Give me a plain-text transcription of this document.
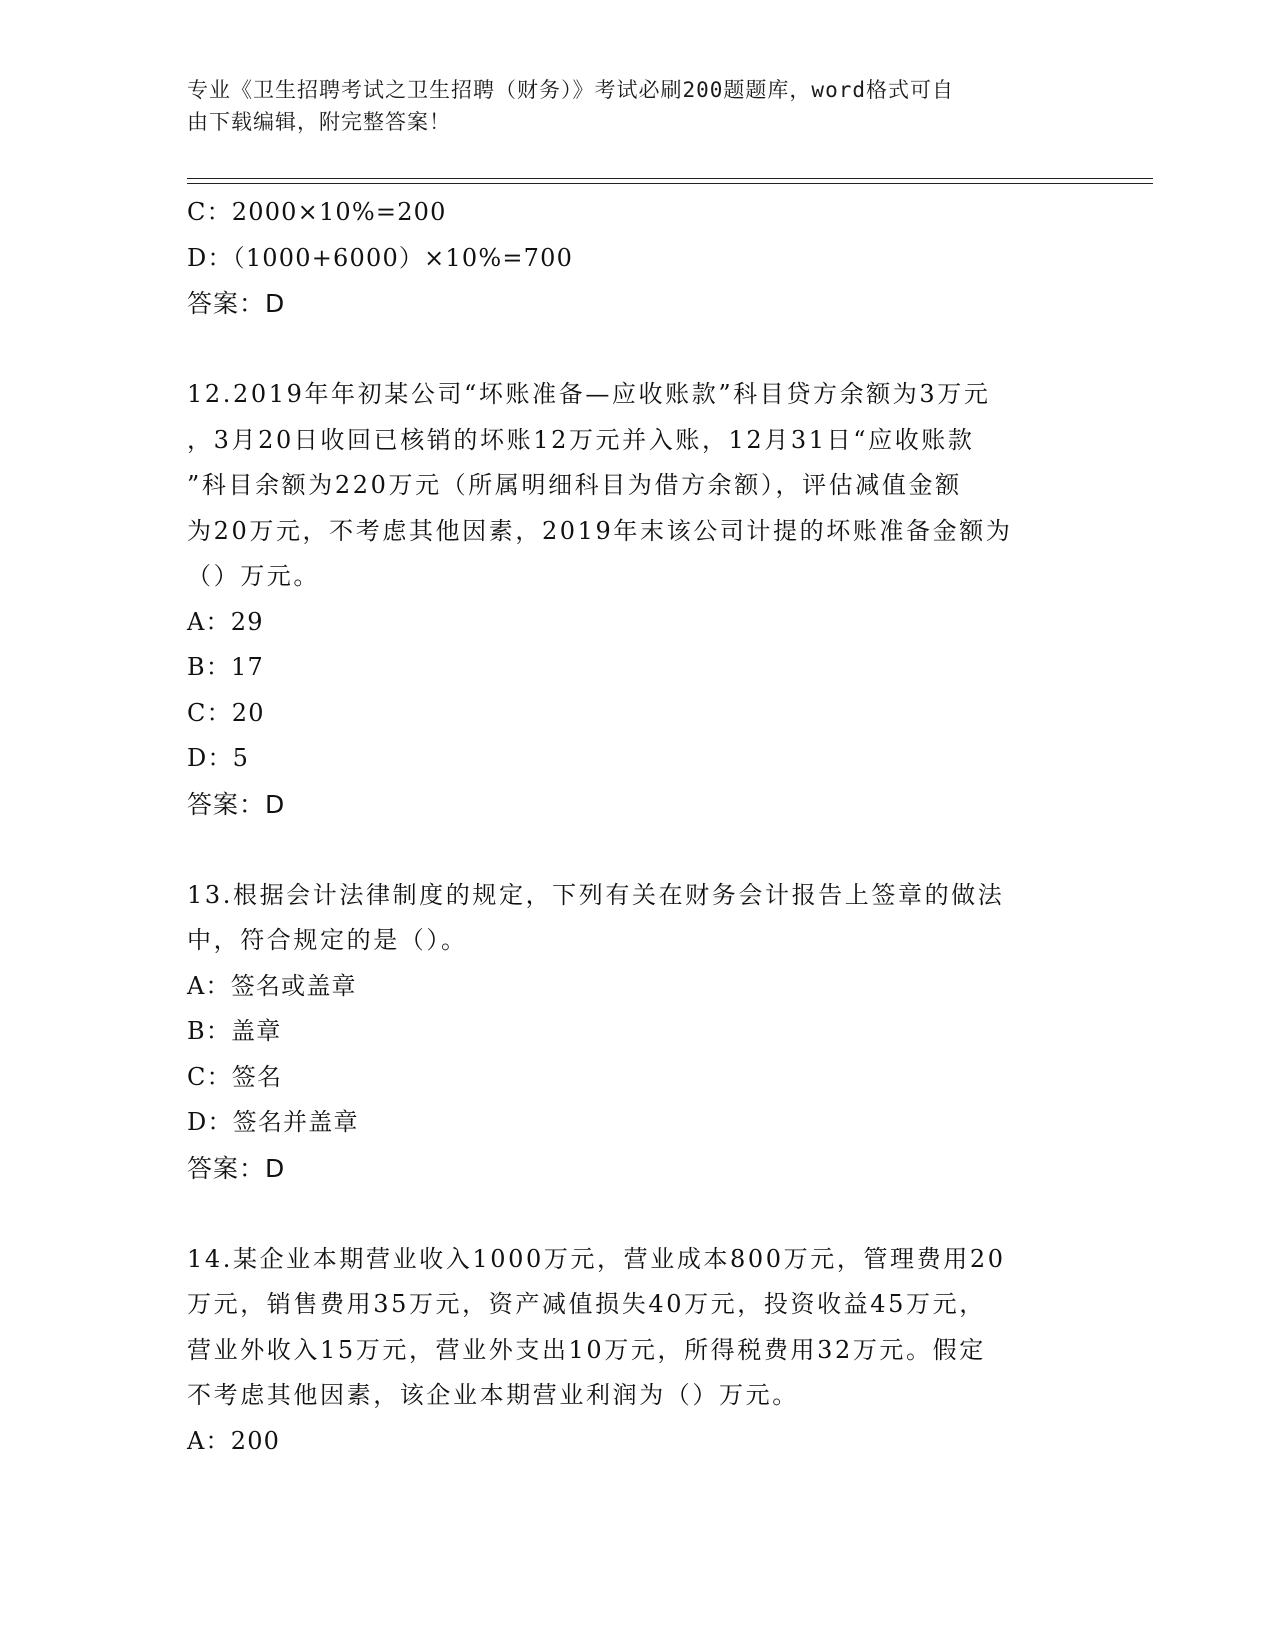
专业《卫生招聘考试之卫生招聘（财务）》考试必刷200题题库，word格式可自
由下载编辑，附完整答案！
C：2000×10%=200
D：（1000+6000）×10%=700
答案：D
12.2019年年初某公司“坏账准备—应收账款”科目贷方余额为3万元
，3月20日收回已核销的坏账12万元并入账，12月31日“应收账款
”科目余额为220万元（所属明细科目为借方余额），评估减值金额
为20万元，不考虑其他因素，2019年末该公司计提的坏账准备金额为
（）万元。
A：29
B：17
C：20
D：5
答案：D
13.根据会计法律制度的规定，下列有关在财务会计报告上签章的做法
中，符合规定的是（）。
A：签名或盖章
B：盖章
C：签名
D：签名并盖章
答案：D
14.某企业本期营业收入1000万元，营业成本800万元，管理费用20
万元，销售费用35万元，资产减值损失40万元，投资收益45万元，
营业外收入15万元，营业外支出10万元，所得税费用32万元。假定
不考虑其他因素，该企业本期营业利润为（）万元。
A：200
